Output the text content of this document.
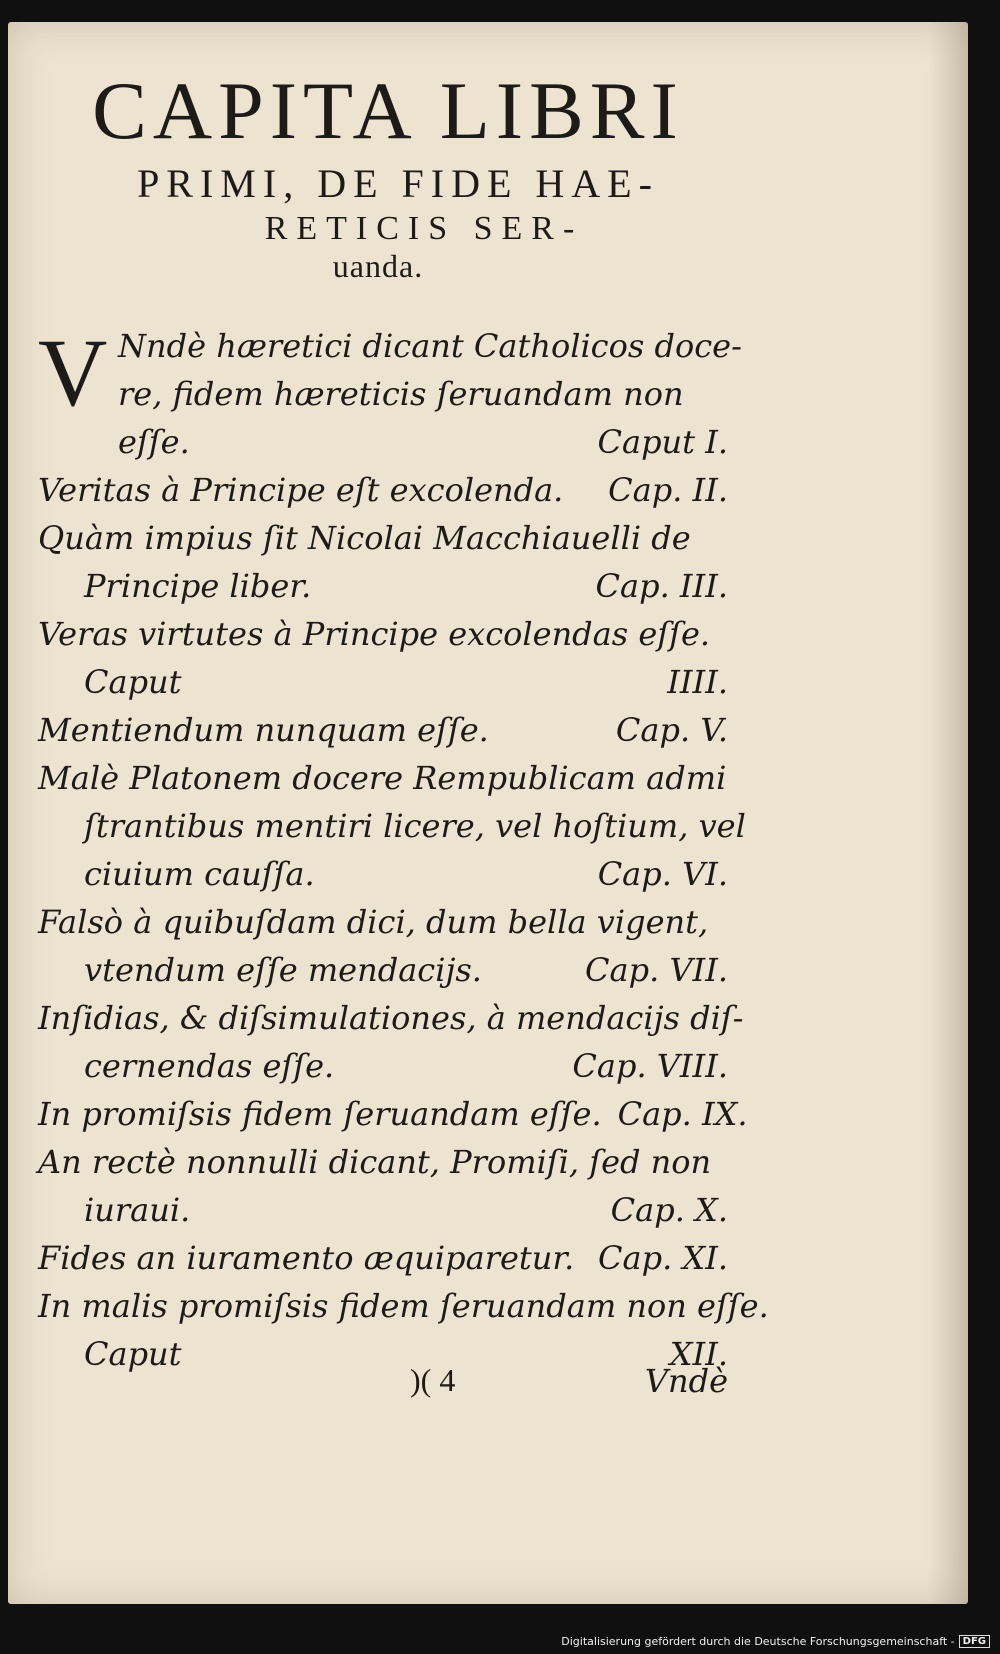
CAPITA LIBRI
PRIMI, DE FIDE HAE-
RETICIS SER-
uanda.
V Nndè hæretici dicant Catholicos doce-
re, fidem hæreticis ſeruandam non
eſſe.	Caput I.
Veritas à Principe eſt excolenda.	Cap. II.
Quàm impius ſit Nicolai Macchiauelli de
Principe liber.	Cap. III.
Veras virtutes à Principe excolendas eſſe.
Caput	IIII.
Mentiendum nunquam eſſe.	Cap. V.
Malè Platonem docere Rempublicam admi
ſtrantibus mentiri licere, vel hoſtium, vel
ciuium cauſſa.	Cap. VI.
Falsò à quibuſdam dici, dum bella vigent,
vtendum eſſe mendacijs.	Cap. VII.
Inſidias, & diſsimulationes, à mendacijs diſ-
cernendas eſſe.	Cap. VIII.
In promiſsis fidem ſeruandam eſſe. Cap. IX.
An rectè nonnulli dicant, Promiſi, ſed non
iuraui.	Cap. X.
Fides an iuramento æquiparetur. Cap. XI.
In malis promiſsis fidem ſeruandam non eſſe.
Caput	XII.
)( 4	Vndè
Digitalisierung gefördert durch die Deutsche Forschungsgemeinschaft - DFG
